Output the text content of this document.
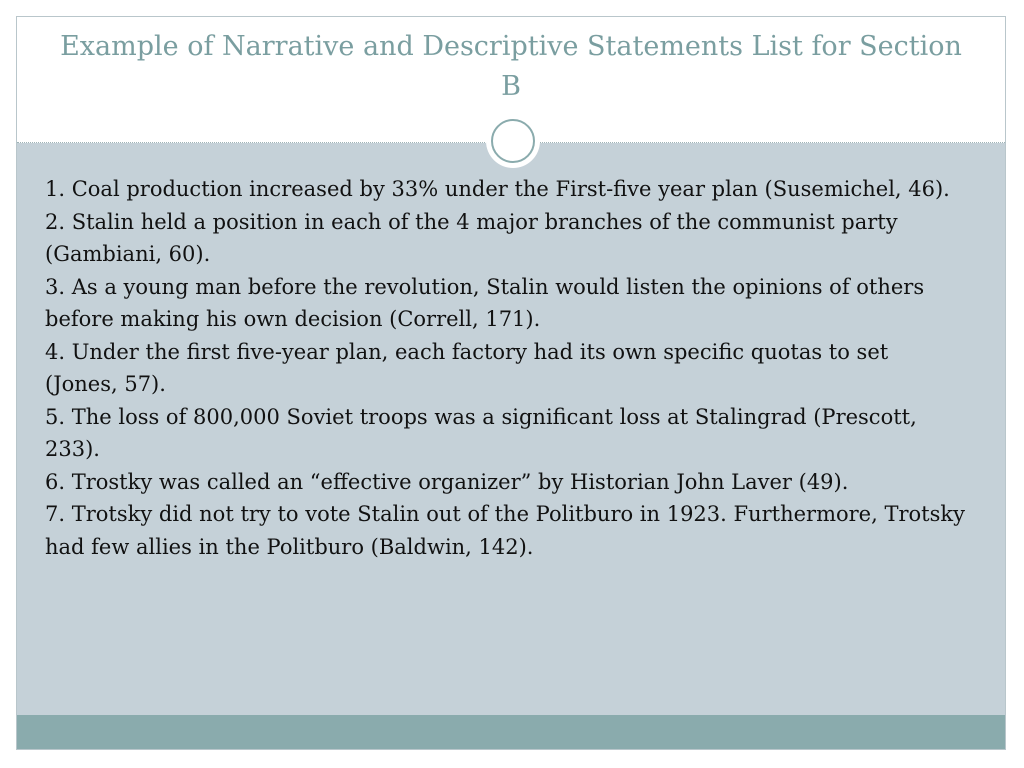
Example of Narrative and Descriptive Statements List for Section B
1. Coal production increased by 33% under the First-five year plan (Susemichel, 46).
2. Stalin held a position in each of the 4 major branches of the communist party (Gambiani, 60).
3. As a young man before the revolution, Stalin would listen the opinions of others before making his own decision (Correll, 171).
4. Under the first five-year plan, each factory had its own specific quotas to set (Jones, 57).
5. The loss of 800,000 Soviet troops was a significant loss at Stalingrad (Prescott, 233).
6. Trostky was called an “effective organizer” by Historian John Laver (49).
7. Trotsky did not try to vote Stalin out of the Politburo in 1923. Furthermore, Trotsky had few allies in the Politburo (Baldwin, 142).
